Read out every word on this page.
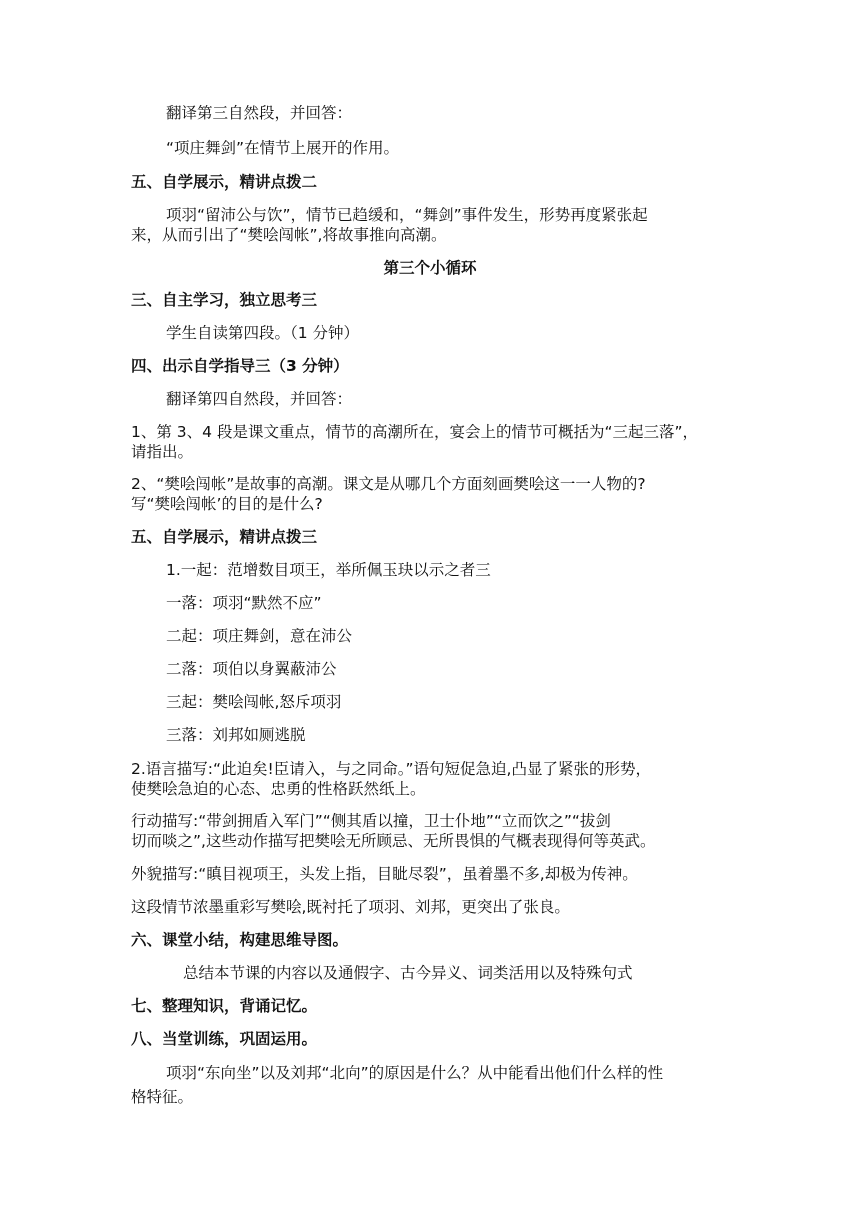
翻译第三自然段，并回答：
“项庄舞剑”在情节上展开的作用。
五、自学展示，精讲点拨二
项羽“留沛公与饮”，情节已趋缓和，“舞剑”事件发生，形势再度紧张起
来，从而引出了“樊哙闯帐”,将故事推向高潮。
第三个小循环
三、自主学习，独立思考三
学生自读第四段。（1 分钟）
四、出示自学指导三（3 分钟）
翻译第四自然段，并回答：
1、第 3、4 段是课文重点，情节的高潮所在，宴会上的情节可概括为“三起三落”，
请指出。
2、“樊哙闯帐”是故事的高潮。课文是从哪几个方面刻画樊哙这一一人物的?
写“樊哙闯帐’的目的是什么?
五、自学展示，精讲点拨三
1.一起：范增数目项王，举所佩玉玦以示之者三
一落：项羽“默然不应”
二起：项庄舞剑，意在沛公
二落：项伯以身翼蔽沛公
三起：樊哙闯帐,怒斥项羽
三落：刘邦如厕逃脱
2.语言描写:“此迫矣!臣请入，与之同命。”语句短促急迫,凸显了紧张的形势，
使樊哙急迫的心态、忠勇的性格跃然纸上。
行动描写:“带剑拥盾入军门”“侧其盾以撞，卫士仆地”“立而饮之”“拔剑
切而啖之”,这些动作描写把樊哙无所顾忌、无所畏惧的气概表现得何等英武。
外貌描写:“瞋目视项王，头发上指，目眦尽裂”，虽着墨不多,却极为传神。
这段情节浓墨重彩写樊哙,既衬托了项羽、刘邦，更突出了张良。
六、课堂小结，构建思维导图。
总结本节课的内容以及通假字、古今异义、词类活用以及特殊句式
七、整理知识，背诵记忆。
八、当堂训练，巩固运用。
项羽“东向坐”以及刘邦“北向”的原因是什么？从中能看出他们什么样的性
格特征。
